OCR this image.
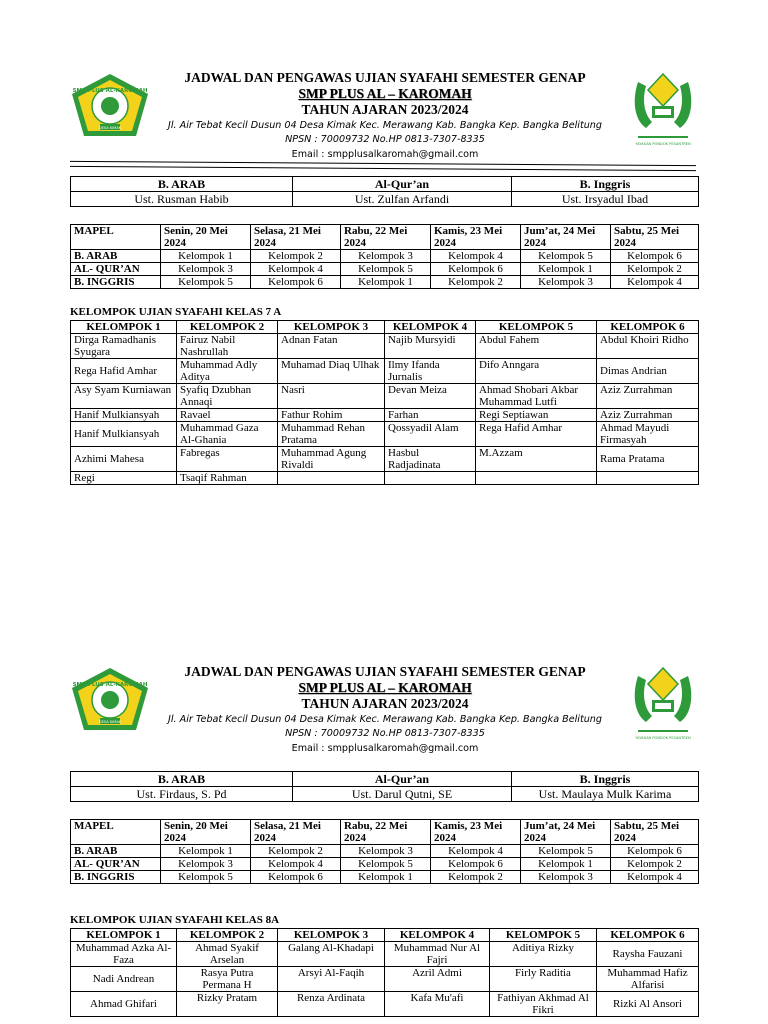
SMP PLUS AL-KAROMAH
DESA KIMAK
JADWAL DAN PENGAWAS UJIAN SYAFAHI SEMESTER GENAP
SMP PLUS AL – KAROMAH
TAHUN AJARAN 2023/2024
Jl. Air Tebat Kecil Dusun 04 Desa Kimak Kec. Merawang Kab. Bangka Kep. Bangka Belitung
NPSN : 70009732 No.HP 0813-7307-8335
Email : smpplusalkaromah@gmail.com
YAYASAN PONDOK PESANTREN
B. ARAB	Al-Qur’an	B. Inggris
Ust. Rusman Habib	Ust. Zulfan Arfandi	Ust. Irsyadul Ibad
MAPEL	Senin, 20 Mei 2024	Selasa, 21 Mei 2024	Rabu, 22 Mei 2024	Kamis, 23 Mei 2024	Jum’at, 24 Mei 2024	Sabtu, 25 Mei 2024
B. ARAB	Kelompok 1	Kelompok 2	Kelompok 3	Kelompok 4	Kelompok 5	Kelompok 6
AL- QUR’AN	Kelompok 3	Kelompok 4	Kelompok 5	Kelompok 6	Kelompok 1	Kelompok 2
B. INGGRIS	Kelompok 5	Kelompok 6	Kelompok 1	Kelompok 2	Kelompok 3	Kelompok 4
KELOMPOK UJIAN SYAFAHI KELAS 7 A
KELOMPOK 1	KELOMPOK 2	KELOMPOK 3	KELOMPOK 4	KELOMPOK 5	KELOMPOK 6
Dirga Ramadhanis Syugara	Fairuz Nabil Nashrullah	Adnan Fatan	Najib Mursyidi	Abdul Fahem	Abdul Khoiri Ridho
Rega Hafid Amhar	Muhammad Adly Aditya	Muhamad Diaq Ulhak	Ilmy Ifanda Jurnalis	Difo Anngara	Dimas Andrian
Asy Syam Kurniawan	Syafiq Dzubhan Annaqi	Nasri	Devan Meiza	Ahmad Shobari Akbar Muhammad Lutfi	Aziz Zurrahman
Hanif Mulkiansyah	Ravael	Fathur Rohim	Farhan	Regi Septiawan	Aziz Zurrahman
Hanif Mulkiansyah	Muhammad Gaza Al-Ghania	Muhammad Rehan Pratama	Qossyadil Alam	Rega Hafid Amhar	Ahmad Mayudi Firmasyah
Azhimi Mahesa	Fabregas	Muhammad Agung Rivaldi	Hasbul Radjadinata	M.Azzam	Rama Pratama
Regi	Tsaqif Rahman				
SMP PLUS AL-KAROMAH
DESA KIMAK
JADWAL DAN PENGAWAS UJIAN SYAFAHI SEMESTER GENAP
SMP PLUS AL – KAROMAH
TAHUN AJARAN 2023/2024
Jl. Air Tebat Kecil Dusun 04 Desa Kimak Kec. Merawang Kab. Bangka Kep. Bangka Belitung
NPSN : 70009732 No.HP 0813-7307-8335
Email : smpplusalkaromah@gmail.com
YAYASAN PONDOK PESANTREN
B. ARAB	Al-Qur’an	B. Inggris
Ust. Firdaus, S. Pd	Ust. Darul Qutni, SE	Ust. Maulaya Mulk Karima
MAPEL	Senin, 20 Mei 2024	Selasa, 21 Mei 2024	Rabu, 22 Mei 2024	Kamis, 23 Mei 2024	Jum’at, 24 Mei 2024	Sabtu, 25 Mei 2024
B. ARAB	Kelompok 1	Kelompok 2	Kelompok 3	Kelompok 4	Kelompok 5	Kelompok 6
AL- QUR’AN	Kelompok 3	Kelompok 4	Kelompok 5	Kelompok 6	Kelompok 1	Kelompok 2
B. INGGRIS	Kelompok 5	Kelompok 6	Kelompok 1	Kelompok 2	Kelompok 3	Kelompok 4
KELOMPOK UJIAN SYAFAHI KELAS 8A
KELOMPOK 1	KELOMPOK 2	KELOMPOK 3	KELOMPOK 4	KELOMPOK 5	KELOMPOK 6
Muhammad Azka Al-Faza	Ahmad Syakif Arselan	Galang Al-Khadapi	Muhammad Nur Al Fajri	Aditiya Rizky	Raysha Fauzani
Nadi Andrean	Rasya Putra Permana H	Arsyi Al-Faqih	Azril Admi	Firly Raditia	Muhammad Hafiz Alfarisi
Ahmad Ghifari	Rizky Pratam	Renza Ardinata	Kafa Mu'afi	Fathiyan Akhmad Al Fikri	Rizki Al Ansori
